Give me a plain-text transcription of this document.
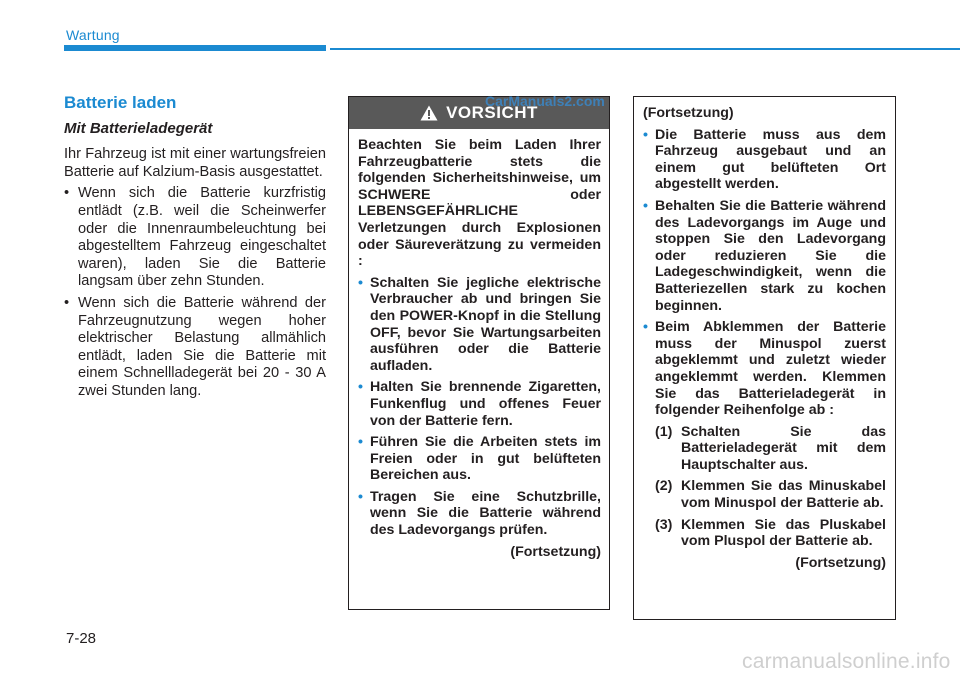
Wartung
Batterie laden
Mit Batterieladegerät

Ihr Fahrzeug ist mit einer wartungsfreien Batterie auf Kalzium-Basis ausgestattet.

• Wenn sich die Batterie kurzfristig entlädt (z.B. weil die Scheinwerfer oder die Innenraumbeleuchtung bei abgestelltem Fahrzeug eingeschaltet waren), laden Sie die Batterie langsam über zehn Stunden.
• Wenn sich die Batterie während der Fahrzeugnutzung wegen hoher elektrischer Belastung allmählich entlädt, laden Sie die Batterie mit einem Schnellladegerät bei 20 - 30 A zwei Stunden lang.
VORSICHT

Beachten Sie beim Laden Ihrer Fahrzeugbatterie stets die folgenden Sicherheitshinweise, um SCHWERE oder LEBENSGEFÄHRLICHE Verletzungen durch Explosionen oder Säureverätzung zu vermeiden :

• Schalten Sie jegliche elektrische Verbraucher ab und bringen Sie den POWER-Knopf in die Stellung OFF, bevor Sie Wartungsarbeiten ausführen oder die Batterie aufladen.
• Halten Sie brennende Zigaretten, Funkenflug und offenes Feuer von der Batterie fern.
• Führen Sie die Arbeiten stets im Freien oder in gut belüfteten Bereichen aus.
• Tragen Sie eine Schutzbrille, wenn Sie die Batterie während des Ladevorgangs prüfen.

(Fortsetzung)

(Fortsetzung)

• Die Batterie muss aus dem Fahrzeug ausgebaut und an einem gut belüfteten Ort abgestellt werden.
• Behalten Sie die Batterie während des Ladevorgangs im Auge und stoppen Sie den Ladevorgang oder reduzieren Sie die Ladegeschwindigkeit, wenn die Batteriezellen stark zu kochen beginnen.
• Beim Abklemmen der Batterie muss der Minuspol zuerst abgeklemmt und zuletzt wieder angeklemmt werden. Klemmen Sie das Batterieladegerät in folgender Reihenfolge ab :
(1) Schalten Sie das Batterieladegerät mit dem Hauptschalter aus.
(2) Klemmen Sie das Minuskabel vom Minuspol der Batterie ab.
(3) Klemmen Sie das Pluskabel vom Pluspol der Batterie ab.

(Fortsetzung)

CarManuals2.com
7-28
carmanualsonline.info
